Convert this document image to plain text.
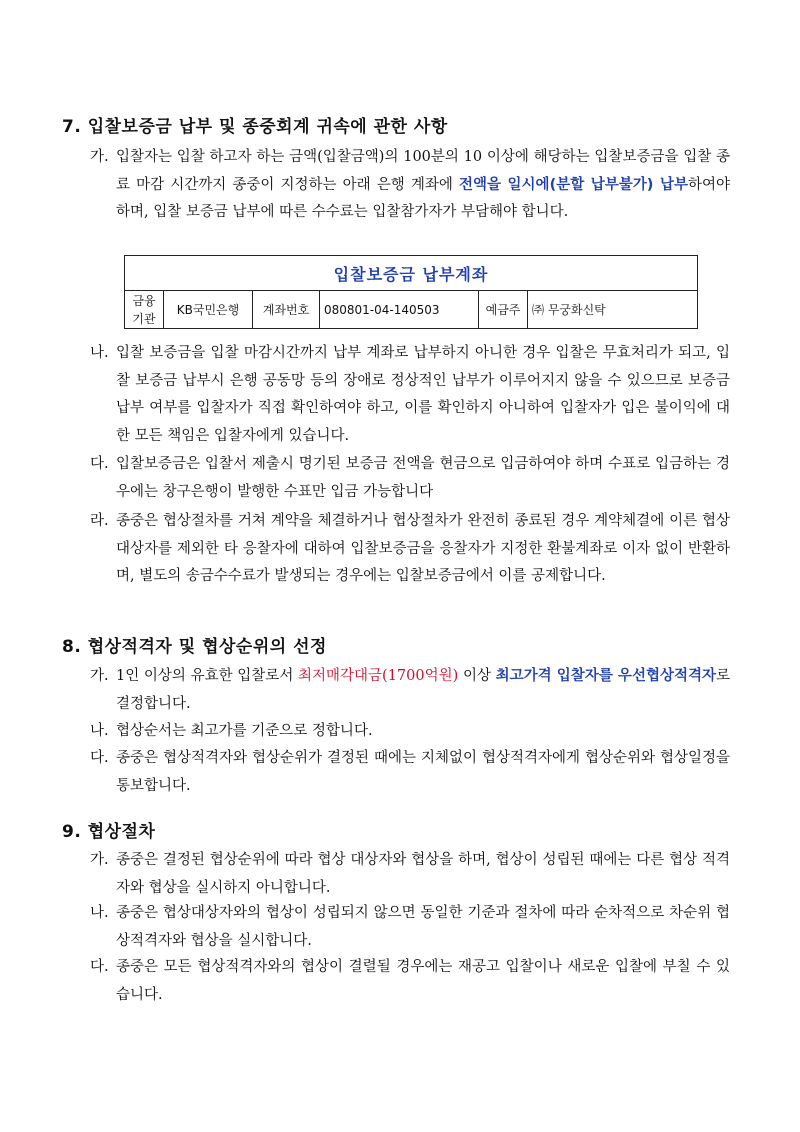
7. 입찰보증금 납부 및 종중회계 귀속에 관한 사항
가. 입찰자는 입찰 하고자 하는 금액(입찰금액)의 100분의 10 이상에 해당하는 입찰보증금을 입찰 종료 마감 시간까지 종중이 지정하는 아래 은행 계좌에 전액을 일시에(분할 납부불가) 납부하여야 하며, 입찰 보증금 납부에 따른 수수료는 입찰참가자가 부담해야 합니다.
입찰보증금 납부계좌
금융기관	KB국민은행	계좌번호	080801-04-140503	예금주	㈜ 무궁화신탁
나. 입찰 보증금을 입찰 마감시간까지 납부 계좌로 납부하지 아니한 경우 입찰은 무효처리가 되고, 입찰 보증금 납부시 은행 공동망 등의 장애로 정상적인 납부가 이루어지지 않을 수 있으므로 보증금 납부 여부를 입찰자가 직접 확인하여야 하고, 이를 확인하지 아니하여 입찰자가 입은 불이익에 대한 모든 책임은 입찰자에게 있습니다.
다. 입찰보증금은 입찰서 제출시 명기된 보증금 전액을 현금으로 입금하여야 하며 수표로 입금하는 경우에는 창구은행이 발행한 수표만 입금 가능합니다
라. 종중은 협상절차를 거쳐 계약을 체결하거나 협상절차가 완전히 종료된 경우 계약체결에 이른 협상대상자를 제외한 타 응찰자에 대하여 입찰보증금을 응찰자가 지정한 환불계좌로 이자 없이 반환하며, 별도의 송금수수료가 발생되는 경우에는 입찰보증금에서 이를 공제합니다.
8. 협상적격자 및 협상순위의 선정
가. 1인 이상의 유효한 입찰로서 최저매각대금(1700억원) 이상 최고가격 입찰자를 우선협상적격자로 결정합니다.
나. 협상순서는 최고가를 기준으로 정합니다.
다. 종중은 협상적격자와 협상순위가 결정된 때에는 지체없이 협상적격자에게 협상순위와 협상일정을 통보합니다.
9. 협상절차
가. 종중은 결정된 협상순위에 따라 협상 대상자와 협상을 하며, 협상이 성립된 때에는 다른 협상 적격자와 협상을 실시하지 아니합니다.
나. 종중은 협상대상자와의 협상이 성립되지 않으면 동일한 기준과 절차에 따라 순차적으로 차순위 협상적격자와 협상을 실시합니다.
다. 종중은 모든 협상적격자와의 협상이 결렬될 경우에는 재공고 입찰이나 새로운 입찰에 부칠 수 있습니다.
